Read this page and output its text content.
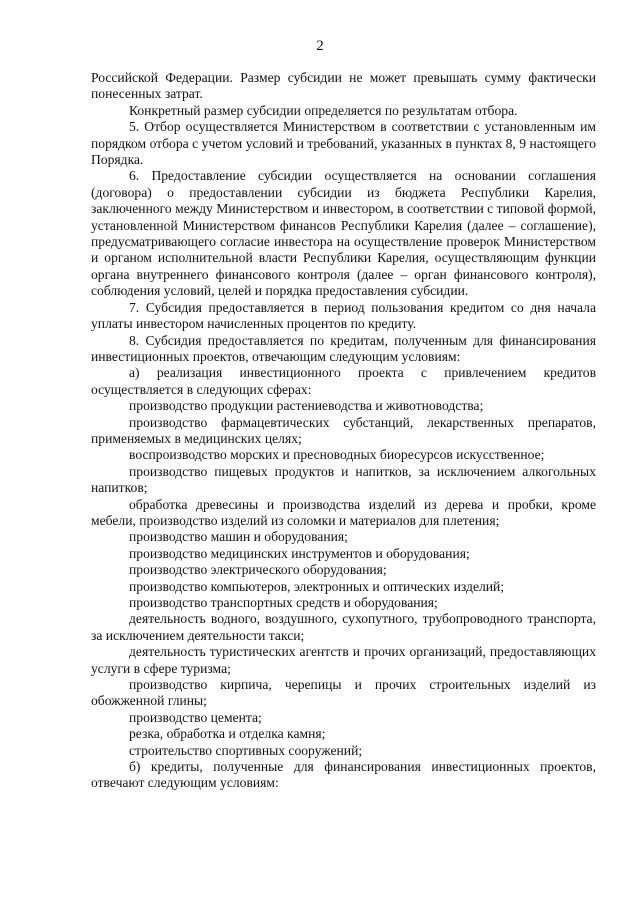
2

Российской Федерации. Размер субсидии не может превышать сумму фактически понесенных затрат.

Конкретный размер субсидии определяется по результатам отбора.

5. Отбор осуществляется Министерством в соответствии с установленным им порядком отбора с учетом условий и требований, указанных в пунктах 8, 9 настоящего Порядка.

6. Предоставление субсидии осуществляется на основании соглашения (договора) о предоставлении субсидии из бюджета Республики Карелия, заключенного между Министерством и инвестором, в соответствии с типовой формой, установленной Министерством финансов Республики Карелия (далее – соглашение), предусматривающего согласие инвестора на осуществление проверок Министерством и органом исполнительной власти Республики Карелия, осуществляющим функции органа внутреннего финансового контроля (далее – орган финансового контроля), соблюдения условий, целей и порядка предоставления субсидии.

7. Субсидия предоставляется в период пользования кредитом со дня начала уплаты инвестором начисленных процентов по кредиту.

8. Субсидия предоставляется по кредитам, полученным для финансирования инвестиционных проектов, отвечающим следующим условиям:

а) реализация инвестиционного проекта с привлечением кредитов осуществляется в следующих сферах:

производство продукции растениеводства и животноводства;

производство фармацевтических субстанций, лекарственных препаратов, применяемых в медицинских целях;

воспроизводство морских и пресноводных биоресурсов искусственное;

производство пищевых продуктов и напитков, за исключением алкогольных напитков;

обработка древесины и производства изделий из дерева и пробки, кроме мебели, производство изделий из соломки и материалов для плетения;

производство машин и оборудования;

производство медицинских инструментов и оборудования;

производство электрического оборудования;

производство компьютеров, электронных и оптических изделий;

производство транспортных средств и оборудования;

деятельность водного, воздушного, сухопутного, трубопроводного транспорта, за исключением деятельности такси;

деятельность туристических агентств и прочих организаций, предоставляющих услуги в сфере туризма;

производство кирпича, черепицы и прочих строительных изделий из обожженной глины;

производство цемента;

резка, обработка и отделка камня;

строительство спортивных сооружений;

б) кредиты, полученные для финансирования инвестиционных проектов, отвечают следующим условиям:
